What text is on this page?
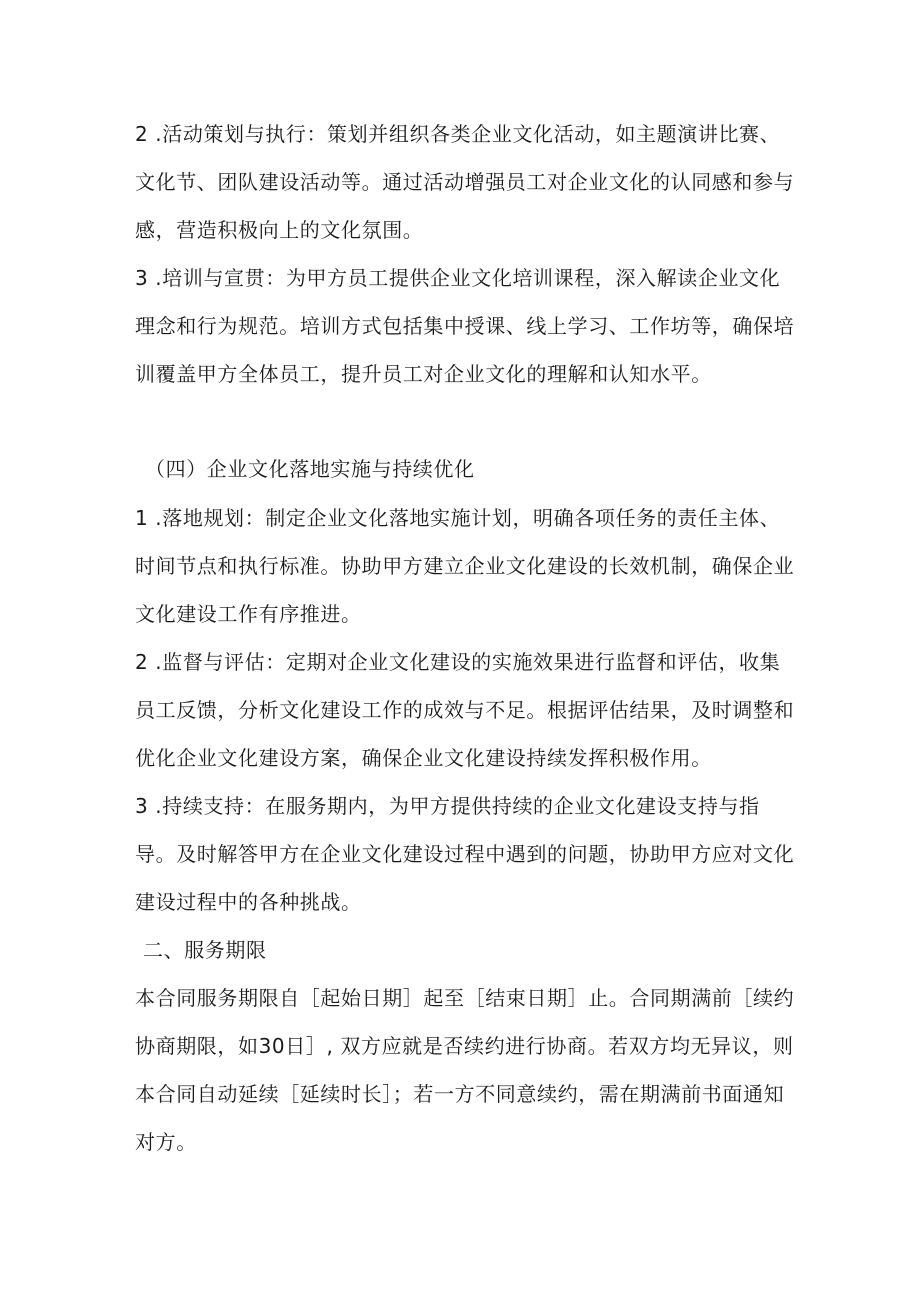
2 .活动策划与执行：策划并组织各类企业文化活动，如主题演讲比赛、
文化节、团队建设活动等。通过活动增强员工对企业文化的认同感和参与
感，营造积极向上的文化氛围。
3 .培训与宣贯：为甲方员工提供企业文化培训课程，深入解读企业文化
理念和行为规范。培训方式包括集中授课、线上学习、工作坊等，确保培
训覆盖甲方全体员工，提升员工对企业文化的理解和认知水平。
（四）企业文化落地实施与持续优化
1 .落地规划：制定企业文化落地实施计划，明确各项任务的责任主体、
时间节点和执行标准。协助甲方建立企业文化建设的长效机制，确保企业
文化建设工作有序推进。
2 .监督与评估：定期对企业文化建设的实施效果进行监督和评估，收集
员工反馈，分析文化建设工作的成效与不足。根据评估结果，及时调整和
优化企业文化建设方案，确保企业文化建设持续发挥积极作用。
3 .持续支持：在服务期内，为甲方提供持续的企业文化建设支持与指
导。及时解答甲方在企业文化建设过程中遇到的问题，协助甲方应对文化
建设过程中的各种挑战。
二、服务期限
本合同服务期限自［起始日期］起至［结束日期］止。合同期满前［续约
协商期限，如30日］, 双方应就是否续约进行协商。若双方均无异议，则
本合同自动延续［延续时长］；若一方不同意续约，需在期满前书面通知
对方。
